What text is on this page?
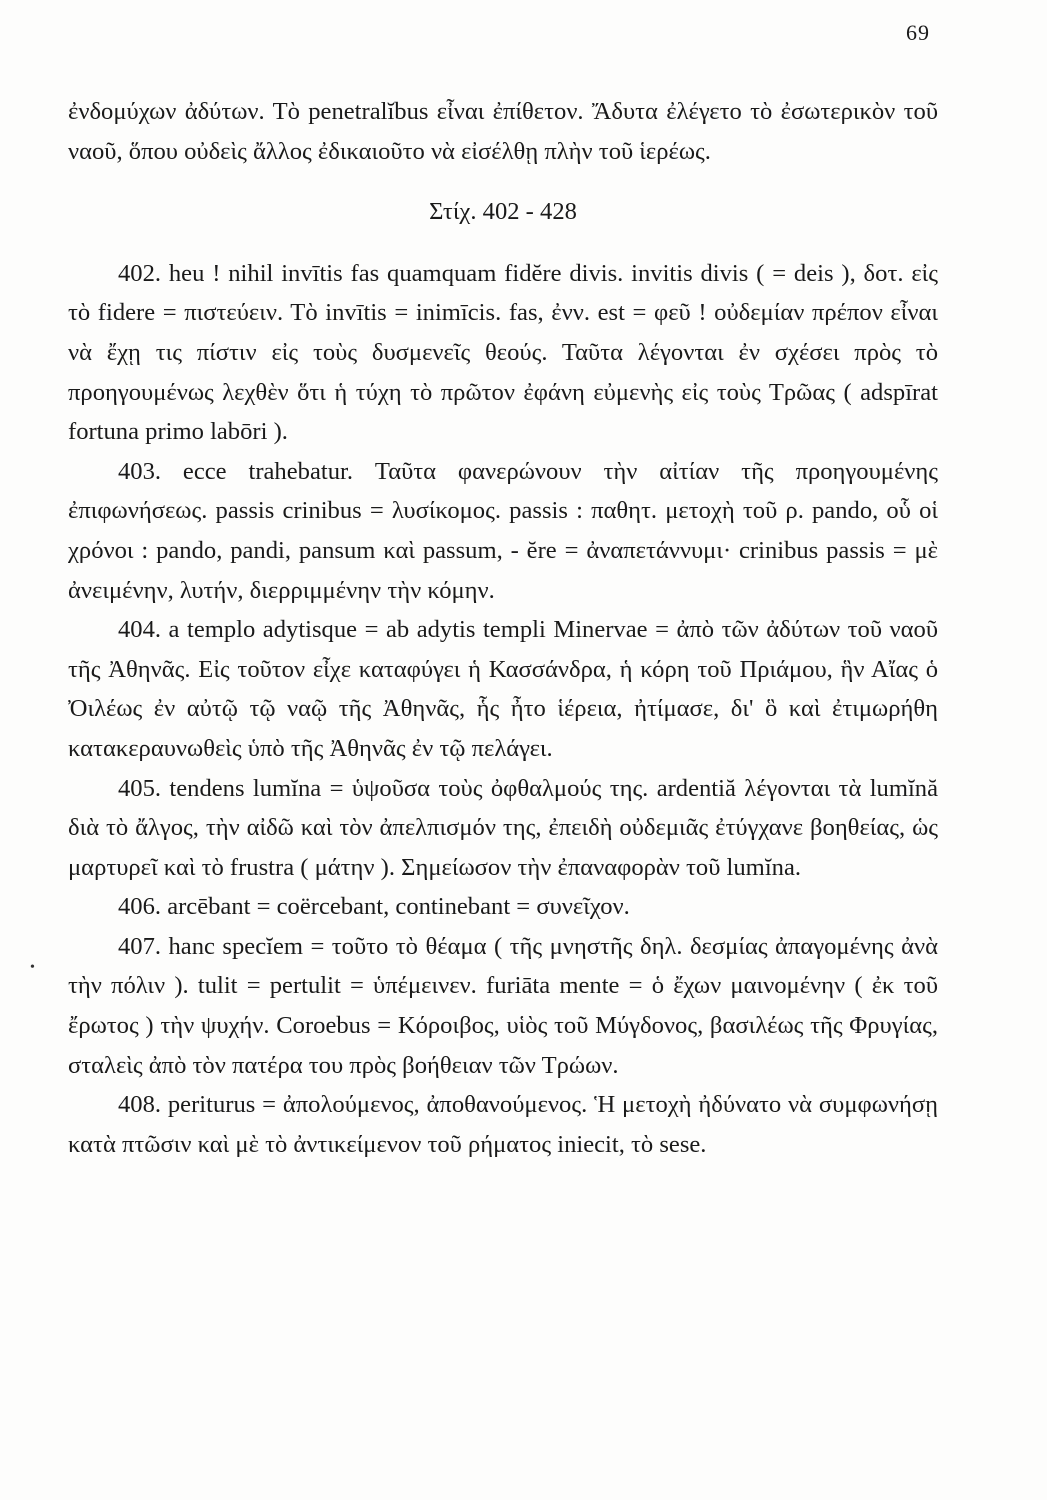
69

ἐνδομύχων ἀδύτων. Τὸ penetralĭbus εἶναι ἐπίθετον. Ἄδυτα ἐλέγετο τὸ ἐσωτερικὸν τοῦ ναοῦ, ὅπου οὐδεὶς ἄλλος ἐδικαιοῦτο νὰ εἰσέλθῃ πλὴν τοῦ ἱερέως.

Στίχ. 402 - 428

402. heu ! nihil invītis fas quamquam fidĕre divis. invitis divis ( = deis ), δοτ. εἰς τὸ fidere = πιστεύειν. Τὸ invītis = inimīcis. fas, ἐνν. est = φεῦ ! οὐδεμίαν πρέπον εἶναι νὰ ἔχῃ τις πίστιν εἰς τοὺς δυσμενεῖς θεούς. Ταῦτα λέγονται ἐν σχέσει πρὸς τὸ προηγουμένως λεχθὲν ὅτι ἡ τύχη τὸ πρῶτον ἐφάνη εὐμενὴς εἰς τοὺς Τρῶας ( adspīrat fortuna primo labōri ).

403. ecce trahebatur. Ταῦτα φανερώνουν τὴν αἰτίαν τῆς προηγουμένης ἐπιφωνήσεως. passis crinibus = λυσίκομος. passis : παθητ. μετοχὴ τοῦ ρ. pando, οὗ οἱ χρόνοι : pando, pandi, pansum καὶ passum, - ĕre = ἀναπετάννυμι· crinibus passis = μὲ ἀνειμένην, λυτήν, διερριμμένην τὴν κόμην.

404. a templo adytisque = ab adytis templi Minervae = ἀπὸ τῶν ἀδύτων τοῦ ναοῦ τῆς Ἀθηνᾶς. Εἰς τοῦτον εἶχε καταφύγει ἡ Κασσάνδρα, ἡ κόρη τοῦ Πριάμου, ἣν Αἴας ὁ Ὀιλέως ἐν αὐτῷ τῷ ναῷ τῆς Ἀθηνᾶς, ἧς ἦτο ἱέρεια, ἠτίμασε, δι' ὃ καὶ ἐτιμωρήθη κατακεραυνωθεὶς ὑπὸ τῆς Ἀθηνᾶς ἐν τῷ πελάγει.

405. tendens lumĭna = ὑψοῦσα τοὺς ὀφθαλμούς της. ardentiă λέγονται τὰ lumĭnă διὰ τὸ ἄλγος, τὴν αἰδῶ καὶ τὸν ἀπελπισμόν της, ἐπειδὴ οὐδεμιᾶς ἐτύγχανε βοηθείας, ὡς μαρτυρεῖ καὶ τὸ frustra ( μάτην ). Σημείωσον τὴν ἐπαναφορὰν τοῦ lumĭna.

406. arcēbant = coërcebant, continebant = συνεῖχον.

407. hanc specĭem = τοῦτο τὸ θέαμα ( τῆς μνηστῆς δηλ. δεσμίας ἀπαγομένης ἀνὰ τὴν πόλιν ). tulit = pertulit = ὑπέμεινεν. furiāta mente = ὁ ἔχων μαινομένην ( ἐκ τοῦ ἔρωτος ) τὴν ψυχήν. Coroebus = Κόροιβος, υἱὸς τοῦ Μύγδονος, βασιλέως τῆς Φρυγίας, σταλεὶς ἀπὸ τὸν πατέρα του πρὸς βοήθειαν τῶν Τρώων.

408. periturus = ἀπολούμενος, ἀποθανούμενος. Ἡ μετοχὴ ἠδύνατο νὰ συμφωνήσῃ κατὰ πτῶσιν καὶ μὲ τὸ ἀντικείμενον τοῦ ρήματος iniecit, τὸ sese.

•
